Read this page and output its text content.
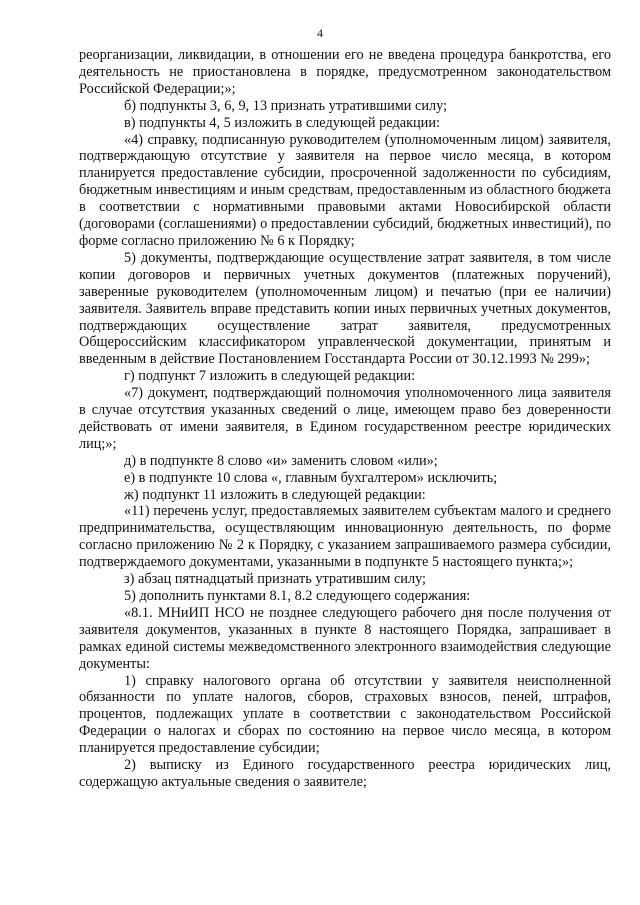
4

реорганизации, ликвидации, в отношении его не введена процедура банкротства, его деятельность не приостановлена в порядке, предусмотренном законодательством Российской Федерации;»;

б) подпункты 3, 6, 9, 13 признать утратившими силу;

в) подпункты 4, 5 изложить в следующей редакции:

«4) справку, подписанную руководителем (уполномоченным лицом) заявителя, подтверждающую отсутствие у заявителя на первое число месяца, в котором планируется предоставление субсидии, просроченной задолженности по субсидиям, бюджетным инвестициям и иным средствам, предоставленным из областного бюджета в соответствии с нормативными правовыми актами Новосибирской области (договорами (соглашениями) о предоставлении субсидий, бюджетных инвестиций), по форме согласно приложению № 6 к Порядку;

5) документы, подтверждающие осуществление затрат заявителя, в том числе копии договоров и первичных учетных документов (платежных поручений), заверенные руководителем (уполномоченным лицом) и печатью (при ее наличии) заявителя. Заявитель вправе представить копии иных первичных учетных документов, подтверждающих осуществление затрат заявителя, предусмотренных Общероссийским классификатором управленческой документации, принятым и введенным в действие Постановлением Госстандарта России от 30.12.1993 № 299»;

г) подпункт 7 изложить в следующей редакции:

«7) документ, подтверждающий полномочия уполномоченного лица заявителя в случае отсутствия указанных сведений о лице, имеющем право без доверенности действовать от имени заявителя, в Едином государственном реестре юридических лиц;»;

д) в подпункте 8 слово «и» заменить словом «или»;

е) в подпункте 10 слова «, главным бухгалтером» исключить;

ж) подпункт 11 изложить в следующей редакции:

«11) перечень услуг, предоставляемых заявителем субъектам малого и среднего предпринимательства, осуществляющим инновационную деятельность, по форме согласно приложению № 2 к Порядку, с указанием запрашиваемого размера субсидии, подтверждаемого документами, указанными в подпункте 5 настоящего пункта;»;

з) абзац пятнадцатый признать утратившим силу;

5) дополнить пунктами 8.1, 8.2 следующего содержания:

«8.1. МНиИП НСО не позднее следующего рабочего дня после получения от заявителя документов, указанных в пункте 8 настоящего Порядка, запрашивает в рамках единой системы межведомственного электронного взаимодействия следующие документы:

1) справку налогового органа об отсутствии у заявителя неисполненной обязанности по уплате налогов, сборов, страховых взносов, пеней, штрафов, процентов, подлежащих уплате в соответствии с законодательством Российской Федерации о налогах и сборах по состоянию на первое число месяца, в котором планируется предоставление субсидии;

2) выписку из Единого государственного реестра юридических лиц, содержащую актуальные сведения о заявителе;
